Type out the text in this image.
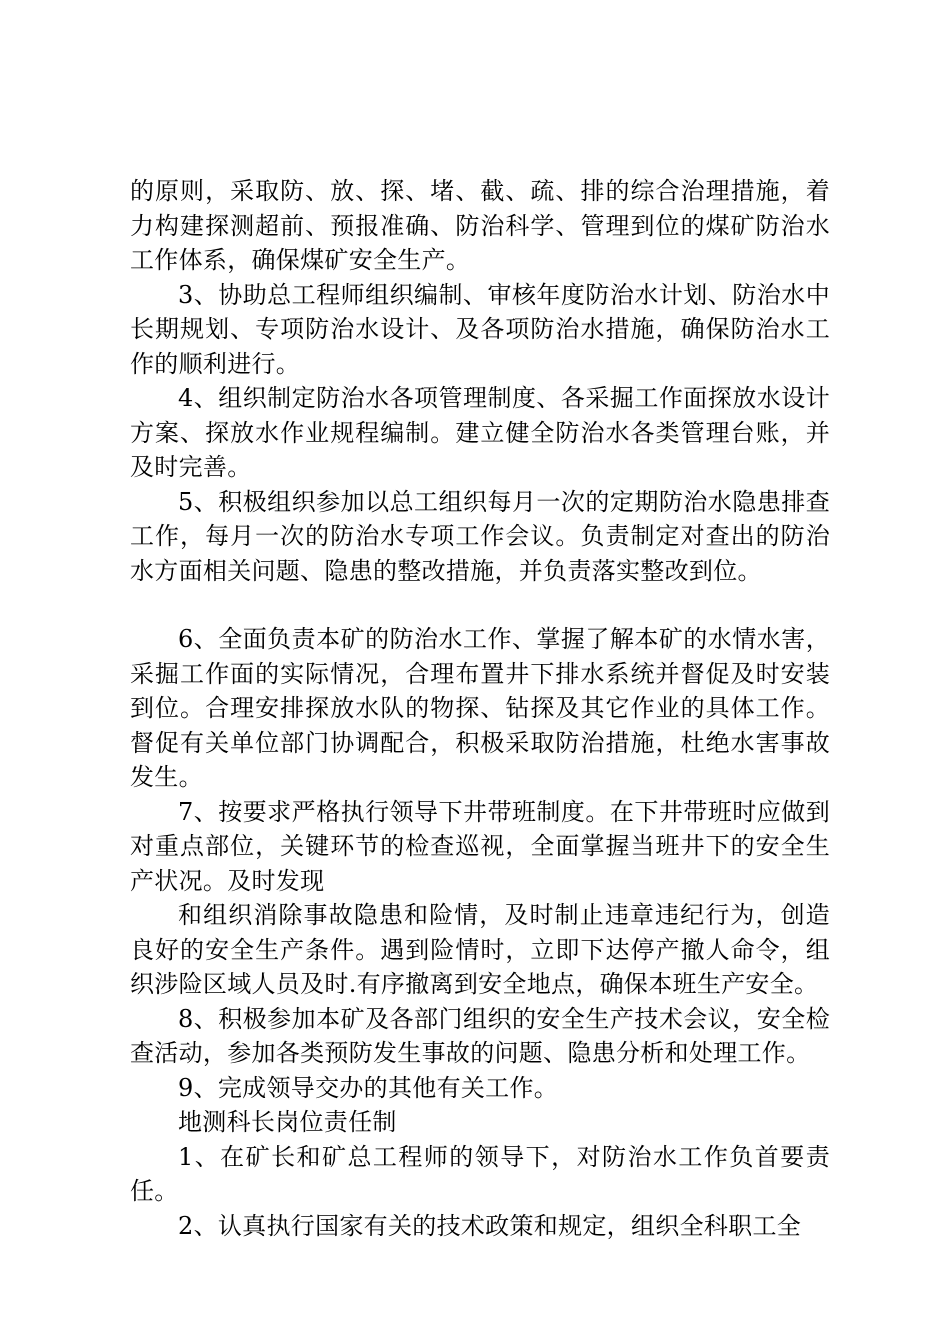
的原则，采取防、放、探、堵、截、疏、排的综合治理措施，着力构建探测超前、预报准确、防治科学、管理到位的煤矿防治水工作体系，确保煤矿安全生产。

3、协助总工程师组织编制、审核年度防治水计划、防治水中长期规划、专项防治水设计、及各项防治水措施，确保防治水工作的顺利进行。

4、组织制定防治水各项管理制度、各采掘工作面探放水设计方案、探放水作业规程编制。建立健全防治水各类管理台账，并及时完善。

5、积极组织参加以总工组织每月一次的定期防治水隐患排查工作，每月一次的防治水专项工作会议。负责制定对查出的防治水方面相关问题、隐患的整改措施，并负责落实整改到位。

6、全面负责本矿的防治水工作、掌握了解本矿的水情水害，采掘工作面的实际情况，合理布置井下排水系统并督促及时安装到位。合理安排探放水队的物探、钻探及其它作业的具体工作。督促有关单位部门协调配合，积极采取防治措施，杜绝水害事故发生。

7、按要求严格执行领导下井带班制度。在下井带班时应做到对重点部位，关键环节的检查巡视，全面掌握当班井下的安全生产状况。及时发现

和组织消除事故隐患和险情，及时制止违章违纪行为，创造良好的安全生产条件。遇到险情时，立即下达停产撤人命令，组织涉险区域人员及时.有序撤离到安全地点，确保本班生产安全。

8、积极参加本矿及各部门组织的安全生产技术会议，安全检查活动，参加各类预防发生事故的问题、隐患分析和处理工作。

9、完成领导交办的其他有关工作。

地测科长岗位责任制

1、在矿长和矿总工程师的领导下，对防治水工作负首要责任。

2、认真执行国家有关的技术政策和规定，组织全科职工全
